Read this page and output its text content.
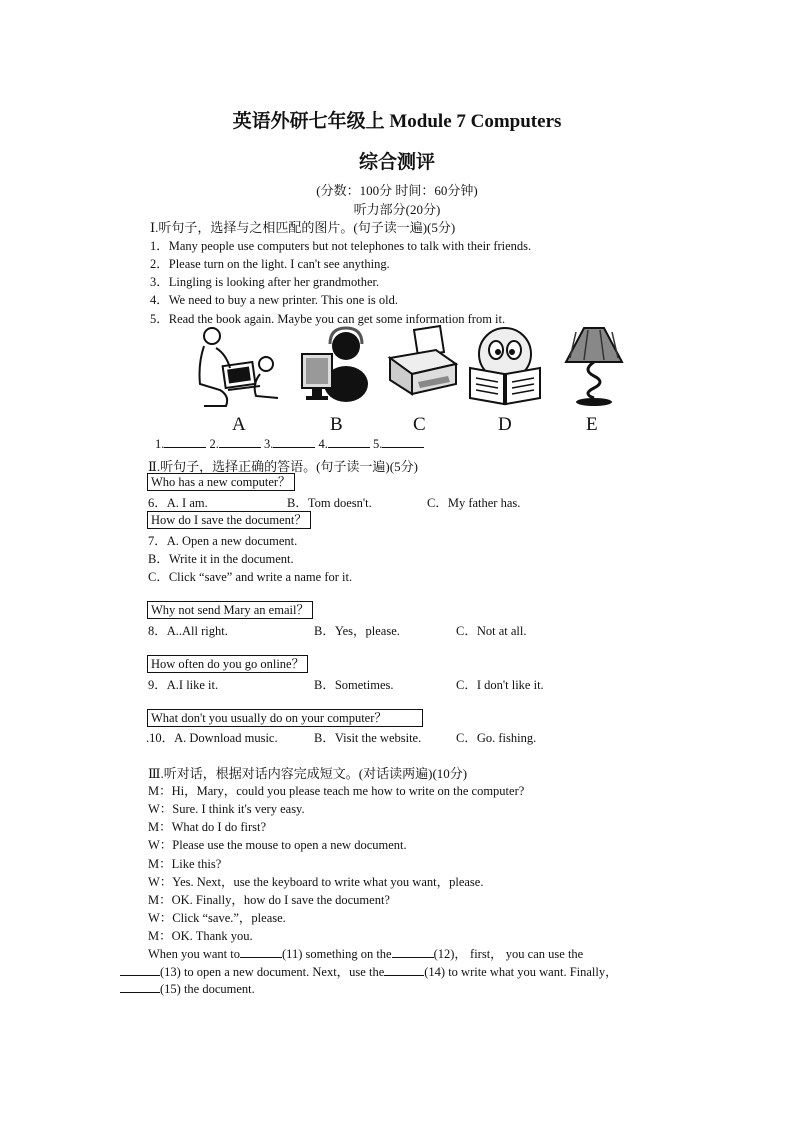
英语外研七年级上 Module 7 Computers
综合测评
(分数：100分 时间：60分钟)
听力部分(20分)
Ⅰ.听句子，选择与之相匹配的图片。(句子读一遍)(5分)
1．Many people use computers but not telephones to talk with their friends.
2．Please turn on the light. I can't see anything.
3．Lingling is looking after her grandmother.
4．We need to buy a new printer. This one is old.
5．Read the book again. Maybe you can get some information from it.
A	B	C	D	E
1.	2.	3.	4.	5.
Ⅱ.听句子，选择正确的答语。(句子读一遍)(5分)
Who has a new computer？
6．A. I am.	B．Tom doesn't.	C．My father has.
How do I save the document？
7．A. Open a new document.
B．Write it in the document.
C．Click “save” and write a name for it.
Why not send Mary an email？
8．A..All right.	B．Yes，please.	C．Not at all.
How often do you go online？
9．A.I like it.	B．Sometimes.	C．I don't like it.
What don't you usually do on your computer？
.10．A. Download music.	B．Visit the website.	C．Go. fishing.
Ⅲ.听对话，根据对话内容完成短文。(对话读两遍)(10分)
M：Hi，Mary，could you please teach me how to write on the computer?
W：Sure. I think it's very easy.
M：What do I do first?
W：Please use the mouse to open a new document.
M：Like this?
W：Yes. Next，use the keyboard to write what you want，please.
M：OK. Finally，how do I save the document?
W：Click “save.”，please.
M：OK. Thank you.
When you want to	(11) something on the	(12)， first， you can use the
(13) to open a new document. Next，use the	(14) to write what you want. Finally，
(15) the document.
